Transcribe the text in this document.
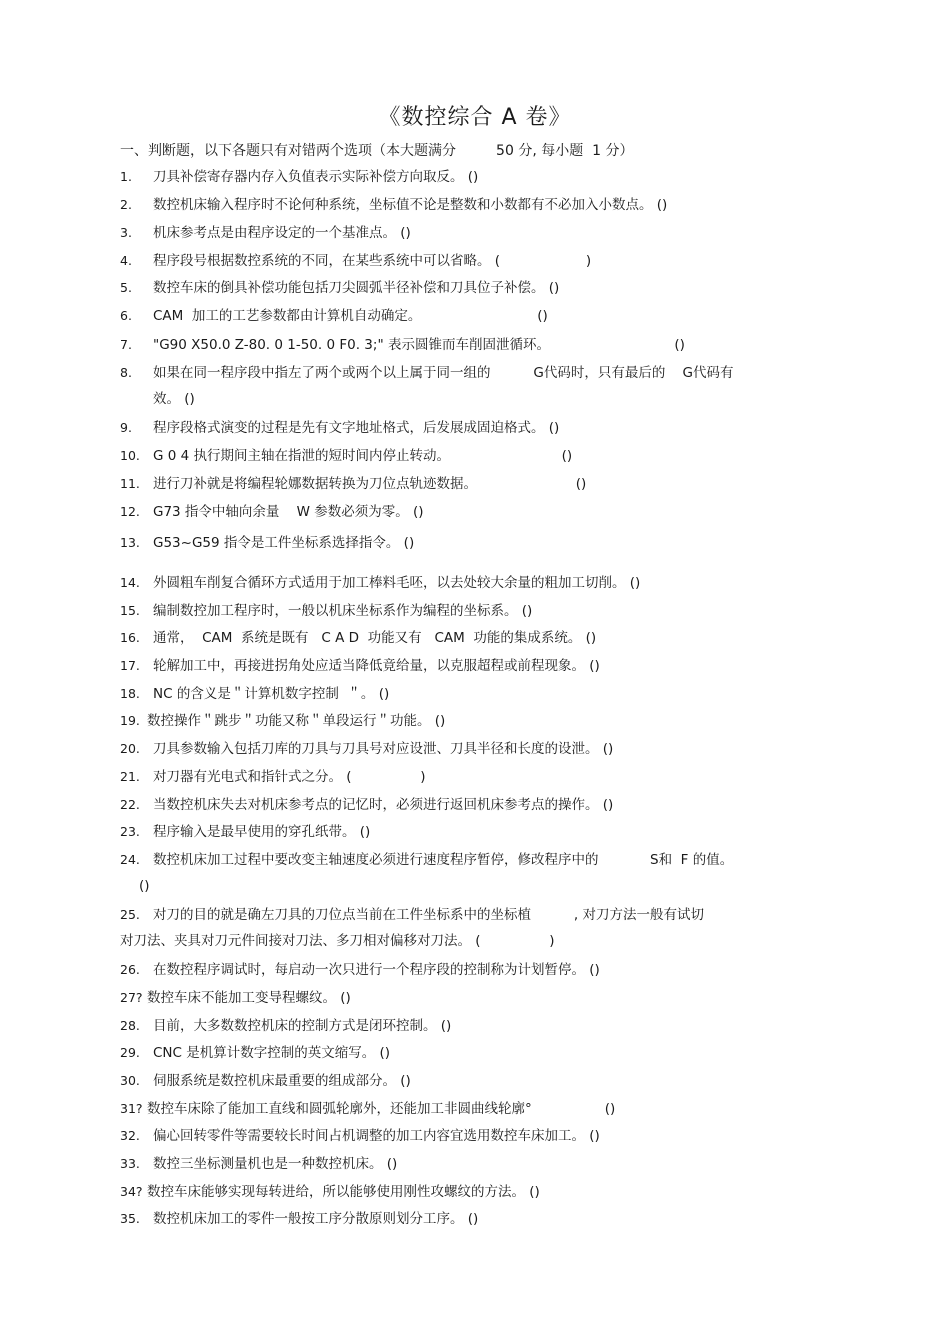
《数控综合 A 卷》
一、判断题，以下各题只有对错两个选项（本大题满分         50 分, 每小题  1 分）
1. 刀具补偿寄存器内存入负值表示实际补偿方向取反。 ()
2. 数控机床输入程序时不论何种系统，坐标值不论是整数和小数都有不必加入小数点。 ()
3. 机床参考点是由程序设定的一个基准点。 ()
4. 程序段号根据数控系统的不同，在某些系统中可以省略。 (                    )
5. 数控车床的倒具补偿功能包括刀尖圆弧半径补偿和刀具位子补偿。 ()
6. CAM  加工的工艺参数都由计算机自动确定。                           ()
7. "G90 X50.0 Z-80. 0 1-50. 0 F0. 3;" 表示圆锥而车削固泄循环。                             ()
8. 如果在同一程序段中指左了两个或两个以上属于同一组的          G代码时，只有最后的    G代码有
效。 ()
9. 程序段格式演变的过程是先有文字地址格式，后发展成固迫格式。 ()
10. G 0 4 执行期间主轴在指泄的短时间内停止转动。                          ()
11. 进行刀补就是将编程轮娜数据转换为刀位点轨迹数据。                       ()
12. G73 指令中轴向余量    W 参数必须为零。 ()
13. G53~G59 指令是工件坐标系选择指令。 ()
14. 外圆粗车削复合循环方式适用于加工棒料毛呸，以去处较大余量的粗加工切削。 ()
15. 编制数控加工程序时，一般以机床坐标系作为编程的坐标系。 ()
16. 通常，  CAM  系统是既有   C A D  功能又有   CAM  功能的集成系统。 ()
17. 轮解加工中，再接进拐角处应适当降低竟给量，以克服超程或前程现象。 ()
18. NC 的含义是＂计算机数字控制  ＂。 ()
19. 数控操作＂跳步＂功能又称＂单段运行＂功能。 ()
20. 刀具参数输入包括刀库的刀具与刀具号对应设泄、刀具半径和长度的设泄。 ()
21. 对刀器有光电式和指针式之分。 (                )
22. 当数控机床失去对机床参考点的记忆时，必须进行返回机床参考点的操作。 ()
23. 程序输入是最早使用的穿孔纸带。 ()
24. 数控机床加工过程中要改变主轴速度必须进行速度程序暂停，修改程序中的            S和  F 的值。
()
25. 对刀的目的就是确左刀具的刀位点当前在工件坐标系中的坐标植          , 对刀方法一般有试切
对刀法、夹具对刀元件间接对刀法、多刀相对偏移对刀法。 (                )
26. 在数控程序调试时，每启动一次只进行一个程序段的控制称为计划暂停。 ()
27? 数控车床不能加工变导程螺纹。 ()
28. 目前，大多数数控机床的控制方式是闭环控制。 ()
29. CNC 是机算计数字控制的英文缩写。 ()
30. 伺服系统是数控机床最重要的组成部分。 ()
31? 数控车床除了能加工直线和圆弧轮廓外，还能加工非圆曲线轮廓°                 ()
32. 偏心回转零件等需要较长时间占机调整的加工内容宜选用数控车床加工。 ()
33. 数控三坐标测量机也是一种数控机床。 ()
34? 数控车床能够实现每转进给，所以能够使用刚性攻螺纹的方法。 ()
35. 数控机床加工的零件一般按工序分散原则划分工序。 ()
